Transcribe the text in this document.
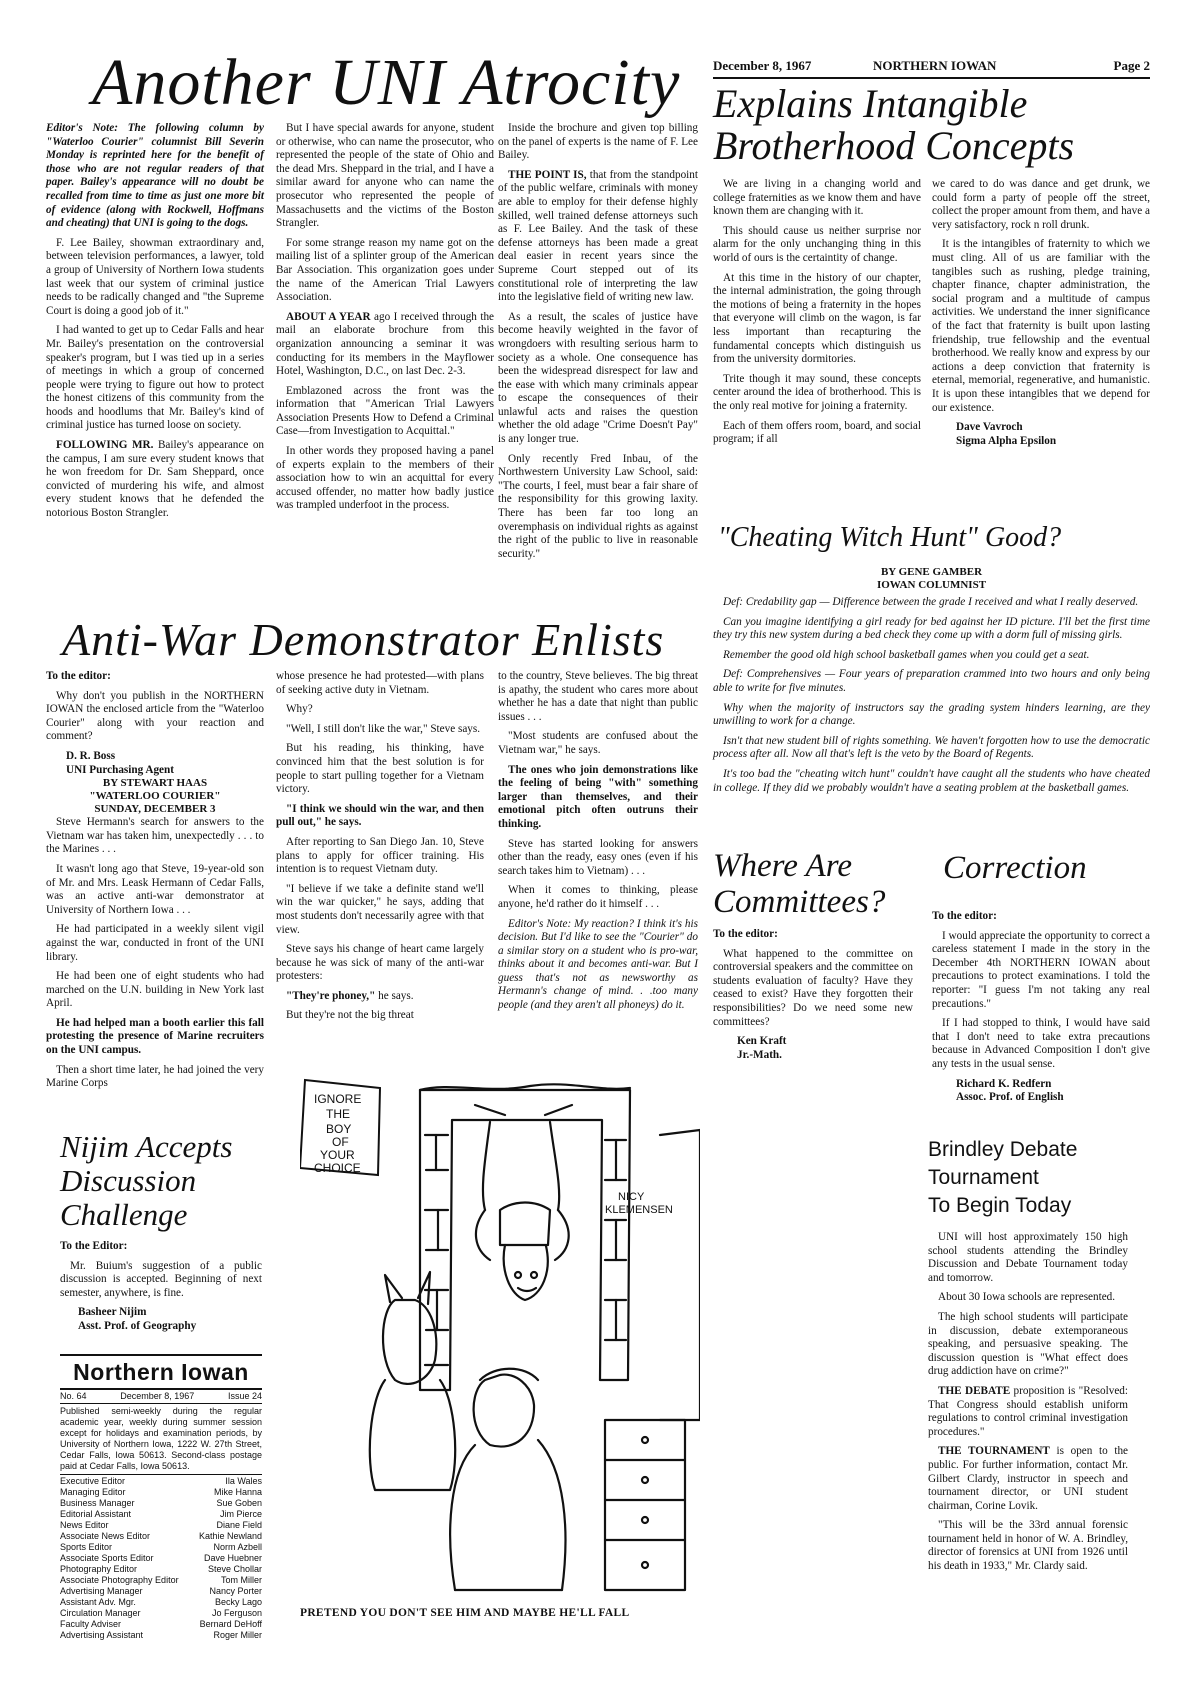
December 8, 1967	NORTHERN IOWAN	Page 2
Another UNI Atrocity

Editor's Note: The following column by "Waterloo Courier" columnist Bill Severin Monday is reprinted here for the benefit of those who are not regular readers of that paper. Bailey's appearance will no doubt be recalled from time to time as just one more bit of evidence (along with Rockwell, Hoffmans and cheating) that UNI is going to the dogs.

F. Lee Bailey, showman extraordinary and, between television performances, a lawyer, told a group of University of Northern Iowa students last week that our system of criminal justice needs to be radically changed and "the Supreme Court is doing a good job of it."

I had wanted to get up to Cedar Falls and hear Mr. Bailey's presentation on the controversial speaker's program, but I was tied up in a series of meetings in which a group of concerned people were trying to figure out how to protect the honest citizens of this community from the hoods and hoodlums that Mr. Bailey's kind of criminal justice has turned loose on society.

FOLLOWING MR. Bailey's appearance on the campus, I am sure every student knows that he won freedom for Dr. Sam Sheppard, once convicted of murdering his wife, and almost every student knows that he defended the notorious Boston Strangler.

But I have special awards for anyone, student or otherwise, who can name the prosecutor, who represented the people of the state of Ohio and the dead Mrs. Sheppard in the trial, and I have a similar award for anyone who can name the prosecutor who represented the people of Massachusetts and the victims of the Boston Strangler.

For some strange reason my name got on the mailing list of a splinter group of the American Bar Association. This organization goes under the name of the American Trial Lawyers Association.

ABOUT A YEAR ago I received through the mail an elaborate brochure from this organization announcing a seminar it was conducting for its members in the Mayflower Hotel, Washington, D.C., on last Dec. 2-3.

Emblazoned across the front was the information that "American Trial Lawyers Association Presents How to Defend a Criminal Case—from Investigation to Acquittal."

In other words they proposed having a panel of experts explain to the members of their association how to win an acquittal for every accused offender, no matter how badly justice was trampled underfoot in the process.

Inside the brochure and given top billing on the panel of experts is the name of F. Lee Bailey.

THE POINT IS, that from the standpoint of the public welfare, criminals with money are able to employ for their defense highly skilled, well trained defense attorneys such as F. Lee Bailey. And the task of these defense attorneys has been made a great deal easier in recent years since the Supreme Court stepped out of its constitutional role of interpreting the law into the legislative field of writing new law.

As a result, the scales of justice have become heavily weighted in the favor of wrongdoers with resulting serious harm to society as a whole. One consequence has been the widespread disrespect for law and the ease with which many criminals appear to escape the consequences of their unlawful acts and raises the question whether the old adage "Crime Doesn't Pay" is any longer true.

Only recently Fred Inbau, of the Northwestern University Law School, said: "The courts, I feel, must bear a fair share of the responsibility for this growing laxity. There has been far too long an overemphasis on individual rights as against the right of the public to live in reasonable security."

Explains Intangible
Brotherhood Concepts

We are living in a changing world and college fraternities as we know them and have known them are changing with it.

This should cause us neither surprise nor alarm for the only unchanging thing in this world of ours is the certaintity of change.

At this time in the history of our chapter, the internal administration, the going through the motions of being a fraternity in the hopes that everyone will climb on the wagon, is far less important than recapturing the fundamental concepts which distinguish us from the university dormitories.

Trite though it may sound, these concepts center around the idea of brotherhood. This is the only real motive for joining a fraternity.

Each of them offers room, board, and social program; if all

we cared to do was dance and get drunk, we could form a party of people off the street, collect the proper amount from them, and have a very satisfactory, rock n roll drunk.

It is the intangibles of fraternity to which we must cling. All of us are familiar with the tangibles such as rushing, pledge training, chapter finance, chapter administration, the social program and a multitude of campus activities. We understand the inner significance of the fact that fraternity is built upon lasting friendship, true fellowship and the eventual brotherhood. We really know and express by our actions a deep conviction that fraternity is eternal, memorial, regenerative, and humanistic. It is upon these intangibles that we depend for our existence.

Dave Vavroch

Sigma Alpha Epsilon

"Cheating Witch Hunt" Good?
BY GENE GAMBER
IOWAN COLUMNIST

Def: Credability gap — Difference between the grade I received and what I really deserved.

Can you imagine identifying a girl ready for bed against her ID picture. I'll bet the first time they try this new system during a bed check they come up with a dorm full of missing girls.

Remember the good old high school basketball games when you could get a seat.

Def: Comprehensives — Four years of preparation crammed into two hours and only being able to write for five minutes.

Why when the majority of instructors say the grading system hinders learning, are they unwilling to work for a change.

Isn't that new student bill of rights something. We haven't forgotten how to use the democratic process after all. Now all that's left is the veto by the Board of Regents.

It's too bad the "cheating witch hunt" couldn't have caught all the students who have cheated in college. If they did we probably wouldn't have a seating problem at the basketball games.

Anti-War Demonstrator Enlists

To the editor:

Why don't you publish in the NORTHERN IOWAN the enclosed article from the "Waterloo Courier" along with your reaction and comment?

D. R. Boss

UNI Purchasing Agent

BY STEWART HAAS
"WATERLOO COURIER"
SUNDAY, DECEMBER 3

Steve Hermann's search for answers to the Vietnam war has taken him, unexpectedly . . . to the Marines . . .

It wasn't long ago that Steve, 19-year-old son of Mr. and Mrs. Leask Hermann of Cedar Falls, was an active anti-war demonstrator at University of Northern Iowa . . .

He had participated in a weekly silent vigil against the war, conducted in front of the UNI library.

He had been one of eight students who had marched on the U.N. building in New York last April.

He had helped man a booth earlier this fall protesting the presence of Marine recruiters on the UNI campus.

Then a short time later, he had joined the very Marine Corps

whose presence he had protested—with plans of seeking active duty in Vietnam.

Why?

"Well, I still don't like the war," Steve says.

But his reading, his thinking, have convinced him that the best solution is for people to start pulling together for a Vietnam victory.

"I think we should win the war, and then pull out," he says.

After reporting to San Diego Jan. 10, Steve plans to apply for officer training. His intention is to request Vietnam duty.

"I believe if we take a definite stand we'll win the war quicker," he says, adding that most students don't necessarily agree with that view.

Steve says his change of heart came largely because he was sick of many of the anti-war protesters:

"They're phoney," he says.

But they're not the big threat

to the country, Steve believes. The big threat is apathy, the student who cares more about whether he has a date that night than public issues . . .

"Most students are confused about the Vietnam war," he says.

The ones who join demonstrations like the feeling of being "with" something larger than themselves, and their emotional pitch often outruns their thinking.

Steve has started looking for answers other than the ready, easy ones (even if his search takes him to Vietnam) . . .

When it comes to thinking, please anyone, he'd rather do it himself . . .

Editor's Note: My reaction? I think it's his decision. But I'd like to see the "Courier" do a similar story on a student who is pro-war, thinks about it and becomes anti-war. But I guess that's not as newsworthy as Hermann's change of mind. . .too many people (and they aren't all phoneys) do it.

Where Are
Committees?

To the editor:

What happened to the committee on controversial speakers and the committee on students evaluation of faculty? Have they ceased to exist? Have they forgotten their responsibilities? Do we need some new committees?

Ken Kraft

Jr.-Math.

Correction

To the editor:

I would appreciate the opportunity to correct a careless statement I made in the story in the December 4th NORTHERN IOWAN about precautions to protect examinations. I told the reporter: "I guess I'm not taking any real precautions."

If I had stopped to think, I would have said that I don't need to take extra precautions because in Advanced Composition I don't give any tests in the usual sense.

Richard K. Redfern

Assoc. Prof. of English

Nijim Accepts
Discussion
Challenge

To the Editor:

Mr. Buium's suggestion of a public discussion is accepted. Beginning of next semester, anywhere, is fine.

Basheer Nijim

Asst. Prof. of Geography

Northern Iowan
No. 64	December 8, 1967	Issue 24
Published semi-weekly during the regular academic year, weekly during summer session except for holidays and examination periods, by University of Northern Iowa, 1222 W. 27th Street, Cedar Falls, Iowa 50613. Second-class postage paid at Cedar Falls, Iowa 50613.
Executive Editor	Ila Wales
Managing Editor	Mike Hanna
Business Manager	Sue Goben
Editorial Assistant	Jim Pierce
News Editor	Diane Field
Associate News Editor	Kathie Newland
Sports Editor	Norm Azbell
Associate Sports Editor	Dave Huebner
Photography Editor	Steve Chollar
Associate Photography Editor	Tom Miller
Advertising Manager	Nancy Porter
Assistant Adv. Mgr.	Becky Lago
Circulation Manager	Jo Ferguson
Faculty Adviser	Bernard DeHoff
Advertising Assistant	Roger Miller
IGNORE
THE
BOY
OF
YOUR
CHOICE
NICY
KLEMENSEN
PRETEND YOU DON'T SEE HIM AND MAYBE HE'LL FALL
Brindley Debate
Tournament
To Begin Today

UNI will host approximately 150 high school students attending the Brindley Discussion and Debate Tournament today and tomorrow.

About 30 Iowa schools are represented.

The high school students will participate in discussion, debate extemporaneous speaking, and persuasive speaking. The discussion question is "What effect does drug addiction have on crime?"

THE DEBATE proposition is "Resolved: That Congress should establish uniform regulations to control criminal investigation procedures."

THE TOURNAMENT is open to the public. For further information, contact Mr. Gilbert Clardy, instructor in speech and tournament director, or UNI student chairman, Corine Lovik.

"This will be the 33rd annual forensic tournament held in honor of W. A. Brindley, director of forensics at UNI from 1926 until his death in 1933," Mr. Clardy said.
